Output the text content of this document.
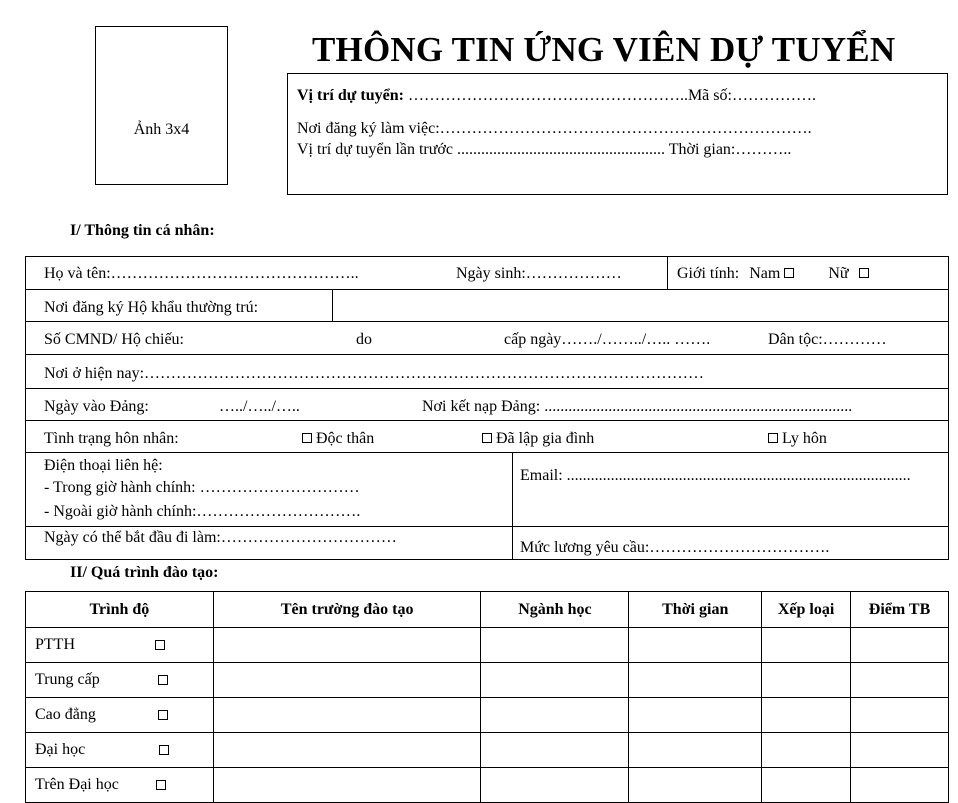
Ảnh 3x4
THÔNG TIN ỨNG VIÊN DỰ TUYỂN
Vị trí dự tuyển: ……………………………………………..Mã số:…………….
Nơi đăng ký làm việc:…………………………………………………………….
Vị trí dự tuyển lần trước .................................................... Thời gian:………..
I/ Thông tin cá nhân:
Họ và tên:………………………………………..	Ngày sinh:………………	Giới tính: Nam	Nữ
Nơi đăng ký Hộ khẩu thường trú:
Số CMND/ Hộ chiếu:	do	cấp ngày……./……../….. …….	Dân tộc:…………
Nơi ở hiện nay:……………………………………………………………………………………………
Ngày vào Đảng:	…../…../…..	Nơi kết nạp Đảng: .............................................................................
Tình trạng hôn nhân:	Độc thân	Đã lập gia đình	Ly hôn
Điện thoại liên hệ:
- Trong giờ hành chính: …………………………
- Ngoài giờ hành chính:………………………….
Email: ......................................................................................
Ngày có thể bắt đầu đi làm:……………………………
Mức lương yêu cầu:…………………………….
II/ Quá trình đào tạo:
Trình độ	Tên trường đào tạo	Ngành học	Thời gian	Xếp loại	Điểm TB
PTTH

Trung cấp

Cao đẳng

Đại học

Trên Đại học
